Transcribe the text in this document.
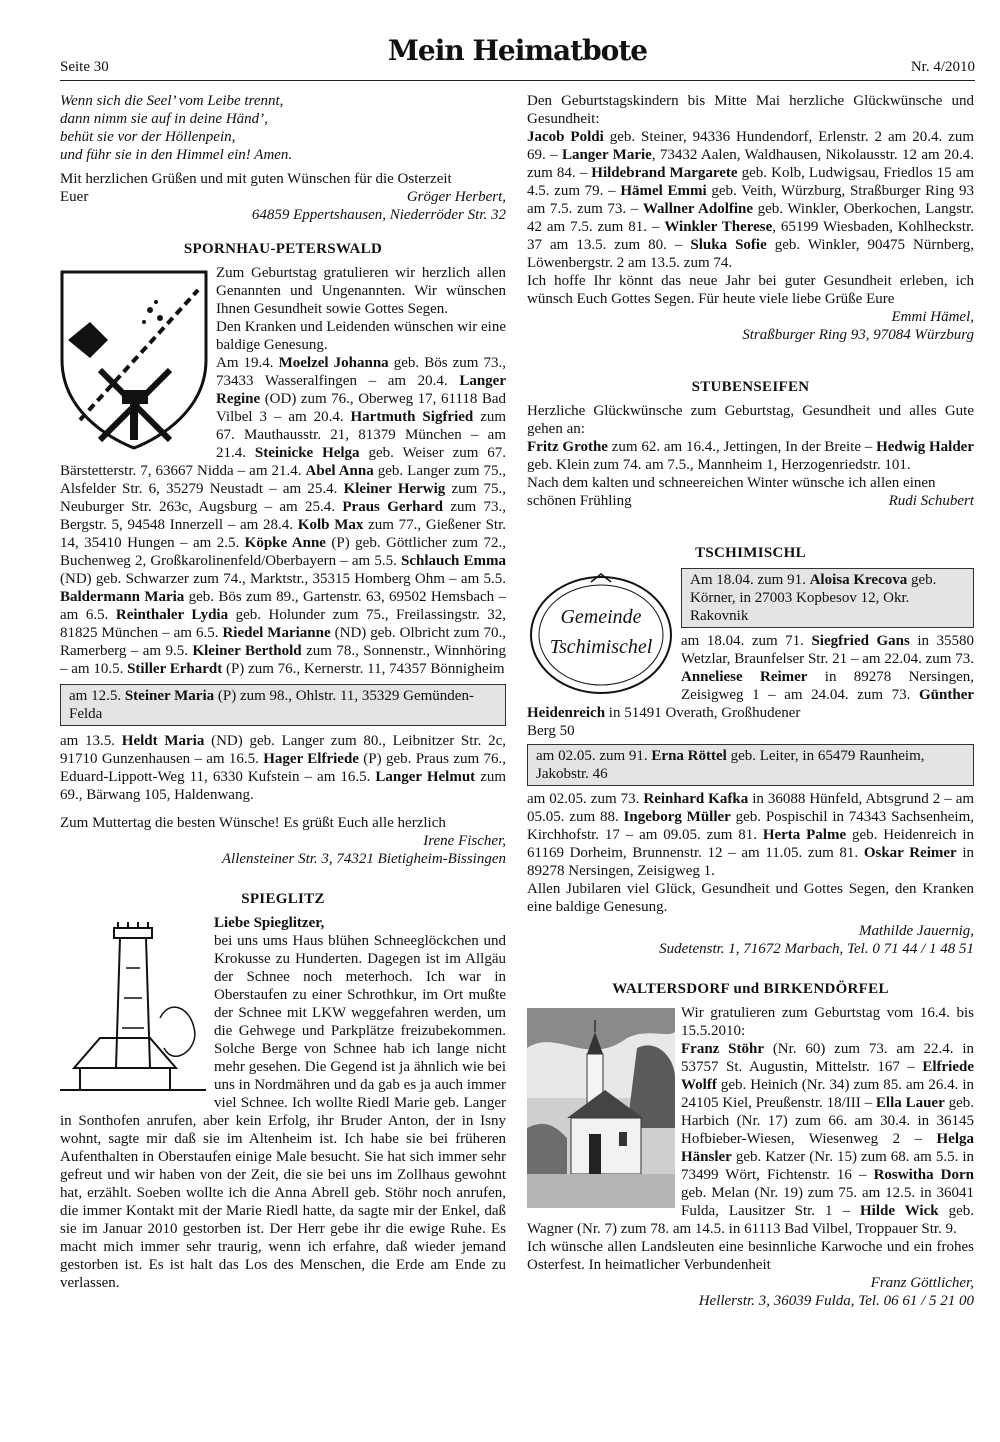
Seite 30	Mein Heimatbote	Nr. 4/2010
Wenn sich die Seel’ vom Leibe trennt,
dann nimm sie auf in deine Händ’,
behüt sie vor der Höllenpein,
und führ sie in den Himmel ein! Amen.

Mit herzlichen Grüßen und mit guten Wünschen für die Osterzeit

Euer	Gröger Herbert,
64859 Eppertshausen, Niederröder Str. 32
SPORNHAU-PETERSWALD

Zum Geburtstag gratulieren wir herzlich allen Genannten und Ungenannten. Wir wünschen Ihnen Gesundheit sowie Gottes Segen.

Den Kranken und Leidenden wünschen wir eine baldige Genesung.

Am 19.4. Moelzel Johanna geb. Bös zum 73., 73433 Wasseralfingen – am 20.4. Langer Regine (OD) zum 76., Oberweg 17, 61118 Bad Vilbel 3 – am 20.4. Hartmuth Sigfried zum 67. Mauthausstr. 21, 81379 München – am 21.4. Steinicke Helga geb. Weiser zum 67. Bärstetterstr. 7, 63667 Nidda – am 21.4. Abel Anna geb. Langer zum 75., Alsfelder Str. 6, 35279 Neustadt – am 25.4. Kleiner Herwig zum 75., Neuburger Str. 263c, Augsburg – am 25.4. Praus Gerhard zum 73., Bergstr. 5, 94548 Innerzell – am 28.4. Kolb Max zum 77., Gießener Str. 14, 35410 Hungen – am 2.5. Köpke Anne (P) geb. Göttlicher zum 72., Buchenweg 2, Großkarolinenfeld/Oberbayern – am 5.5. Schlauch Emma (ND) geb. Schwarzer zum 74., Marktstr., 35315 Homberg Ohm – am 5.5. Baldermann Maria geb. Bös zum 89., Gartenstr. 63, 69502 Hemsbach – am 6.5. Reinthaler Lydia geb. Holunder zum 75., Freilassingstr. 32, 81825 München – am 6.5. Riedel Marianne (ND) geb. Olbricht zum 70., Ramerberg – am 9.5. Kleiner Berthold zum 78., Sonnenstr., Winnhöring – am 10.5. Stiller Erhardt (P) zum 76., Kernerstr. 11, 74357 Bönnigheim

am 12.5. Steiner Maria (P) zum 98., Ohlstr. 11, 35329 Gemünden-Felda

am 13.5. Heldt Maria (ND) geb. Langer zum 80., Leibnitzer Str. 2c, 91710 Gunzenhausen – am 16.5. Hager Elfriede (P) geb. Praus zum 76., Eduard-Lippott-Weg 11, 6330 Kufstein – am 16.5. Langer Helmut zum 69., Bärwang 105, Haldenwang.

Zum Muttertag die besten Wünsche! Es grüßt Euch alle herzlich

Irene Fischer,
Allensteiner Str. 3, 74321 Bietigheim-Bissingen
SPIEGLITZ

Liebe Spieglitzer,

bei uns ums Haus blühen Schneeglöckchen und Krokusse zu Hunderten. Dagegen ist im Allgäu der Schnee noch meterhoch. Ich war in Oberstaufen zu einer Schrothkur, im Ort mußte der Schnee mit LKW weggefahren werden, um die Gehwege und Parkplätze freizubekommen. Solche Berge von Schnee hab ich lange nicht mehr gesehen. Die Gegend ist ja ähnlich wie bei uns in Nordmähren und da gab es ja auch immer viel Schnee. Ich wollte Riedl Marie geb. Langer in Sonthofen anrufen, aber kein Erfolg, ihr Bruder Anton, der in Isny wohnt, sagte mir daß sie im Altenheim ist. Ich habe sie bei früheren Aufenthalten in Oberstaufen einige Male besucht. Sie hat sich immer sehr gefreut und wir haben von der Zeit, die sie bei uns im Zollhaus gewohnt hat, erzählt. Soeben wollte ich die Anna Abrell geb. Stöhr noch anrufen, die immer Kontakt mit der Marie Riedl hatte, da sagte mir der Enkel, daß sie im Januar 2010 gestorben ist. Der Herr gebe ihr die ewige Ruhe. Es macht mich immer sehr traurig, wenn ich erfahre, daß wieder jemand gestorben ist. Es ist halt das Los des Menschen, die Erde am Ende zu verlassen.

Den Geburtstagskindern bis Mitte Mai herzliche Glückwünsche und Gesundheit:

Jacob Poldi geb. Steiner, 94336 Hundendorf, Erlenstr. 2 am 20.4. zum 69. – Langer Marie, 73432 Aalen, Waldhausen, Nikolausstr. 12 am 20.4. zum 84. – Hildebrand Margarete geb. Kolb, Ludwigsau, Friedlos 15 am 4.5. zum 79. – Hämel Emmi geb. Veith, Würzburg, Straßburger Ring 93 am 7.5. zum 73. – Wallner Adolfine geb. Winkler, Oberkochen, Langstr. 42 am 7.5. zum 81. – Winkler Therese, 65199 Wiesbaden, Kohlheckstr. 37 am 13.5. zum 80. – Sluka Sofie geb. Winkler, 90475 Nürnberg, Löwenbergstr. 2 am 13.5. zum 74.

Ich hoffe Ihr könnt das neue Jahr bei guter Gesundheit erleben, ich wünsch Euch Gottes Segen. Für heute viele liebe Grüße Eure

Emmi Hämel,
Straßburger Ring 93, 97084 Würzburg
STUBENSEIFEN

Herzliche Glückwünsche zum Geburtstag, Gesundheit und alles Gute gehen an:

Fritz Grothe zum 62. am 16.4., Jettingen, In der Breite – Hedwig Halder geb. Klein zum 74. am 7.5., Mannheim 1, Herzogenriedstr. 101.

Nach dem kalten und schneereichen Winter wünsche ich allen einen schönen Frühling	Rudi Schubert
TSCHIMISCHL
Gemeinde
Tschimischel
Am 18.04. zum 91. Aloisa Krecova geb. Körner, in 27003 Kopbesov 12, Okr. Rakovnik

am 18.04. zum 71. Siegfried Gans in 35580 Wetzlar, Braunfelser Str. 21 – am 22.04. zum 73. Anneliese Reimer in 89278 Nersingen, Zeisigweg 1 – am 24.04. zum 73. Günther Heidenreich in 51491 Overath, Großhudener

Berg 50
am 02.05. zum 91. Erna Röttel geb. Leiter, in 65479 Raunheim, Jakobstr. 46

am 02.05. zum 73. Reinhard Kafka in 36088 Hünfeld, Abtsgrund 2 – am 05.05. zum 88. Ingeborg Müller geb. Pospischil in 74343 Sachsenheim, Kirchhofstr. 17 – am 09.05. zum 81. Herta Palme geb. Heidenreich in 61169 Dorheim, Brunnenstr. 12 – am 11.05. zum 81. Oskar Reimer in 89278 Nersingen, Zeisigweg 1.

Allen Jubilaren viel Glück, Gesundheit und Gottes Segen, den Kranken eine baldige Genesung.

Mathilde Jauernig,
Sudetenstr. 1, 71672 Marbach, Tel. 0 71 44 / 1 48 51
WALTERSDORF und BIRKENDÖRFEL

Wir gratulieren zum Geburtstag vom 16.4. bis 15.5.2010:

Franz Stöhr (Nr. 60) zum 73. am 22.4. in 53757 St. Augustin, Mittelstr. 167 – Elfriede Wolff geb. Heinich (Nr. 34) zum 85. am 26.4. in 24105 Kiel, Preußenstr. 18/III – Ella Lauer geb. Harbich (Nr. 17) zum 66. am 30.4. in 36145 Hofbieber-Wiesen, Wiesenweg 2 – Helga Hänsler geb. Katzer (Nr. 15) zum 68. am 5.5. in 73499 Wört, Fichtenstr. 16 – Roswitha Dorn geb. Melan (Nr. 19) zum 75. am 12.5. in 36041 Fulda, Lausitzer Str. 1 – Hilde Wick geb. Wagner (Nr. 7) zum 78. am 14.5. in 61113 Bad Vilbel, Troppauer Str. 9.

Ich wünsche allen Landsleuten eine besinnliche Karwoche und ein frohes Osterfest. In heimatlicher Verbundenheit

Franz Göttlicher,
Hellerstr. 3, 36039 Fulda, Tel. 06 61 / 5 21 00
